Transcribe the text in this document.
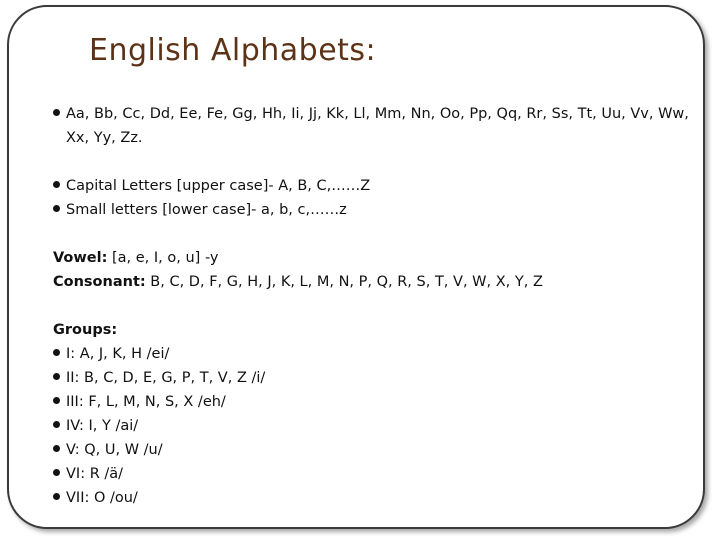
English Alphabets:
Aa, Bb, Cc, Dd, Ee, Fe, Gg, Hh, Ii, Jj, Kk, Ll, Mm, Nn, Oo, Pp, Qq, Rr, Ss, Tt, Uu, Vv, Ww, Xx, Yy, Zz.
Capital Letters [upper case]- A, B, C,……Z
Small letters [lower case]- a, b, c,……z
Vowel: [a, e, I, o, u] -y
Consonant: B, C, D, F, G, H, J, K, L, M, N, P, Q, R, S, T, V, W, X, Y, Z
Groups:
I: A, J, K, H /ei/
II: B, C, D, E, G, P, T, V, Z /i/
III: F, L, M, N, S, X /eh/
IV: I, Y /ai/
V: Q, U, W /u/
VI: R /ä/
VII: O /ou/
